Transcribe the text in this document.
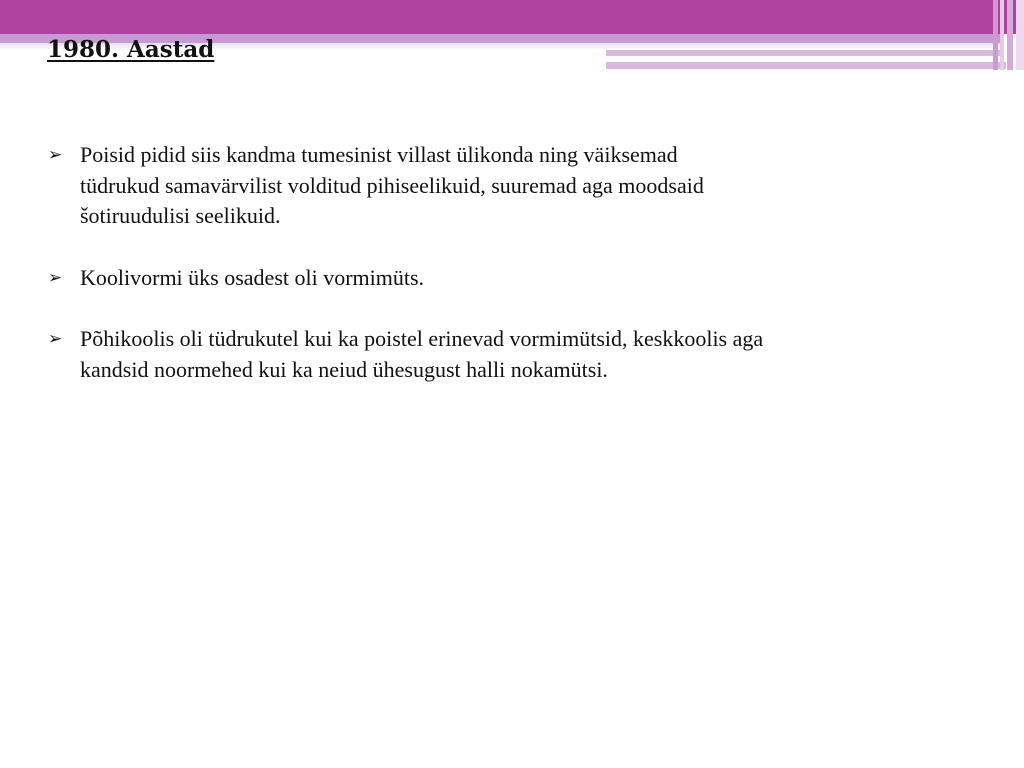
1980. Aastad
➢ Poisid pidid siis kandma tumesinist villast ülikonda ning väiksemad
tüdrukud samavärvilist volditud pihiseelikuid, suuremad aga moodsaid
šotiruudulisi seelikuid.
➢ Koolivormi üks osadest oli vormimüts.
➢ Põhikoolis oli tüdrukutel kui ka poistel erinevad vormimütsid, keskkoolis aga
kandsid noormehed kui ka neiud ühesugust halli nokamütsi.
